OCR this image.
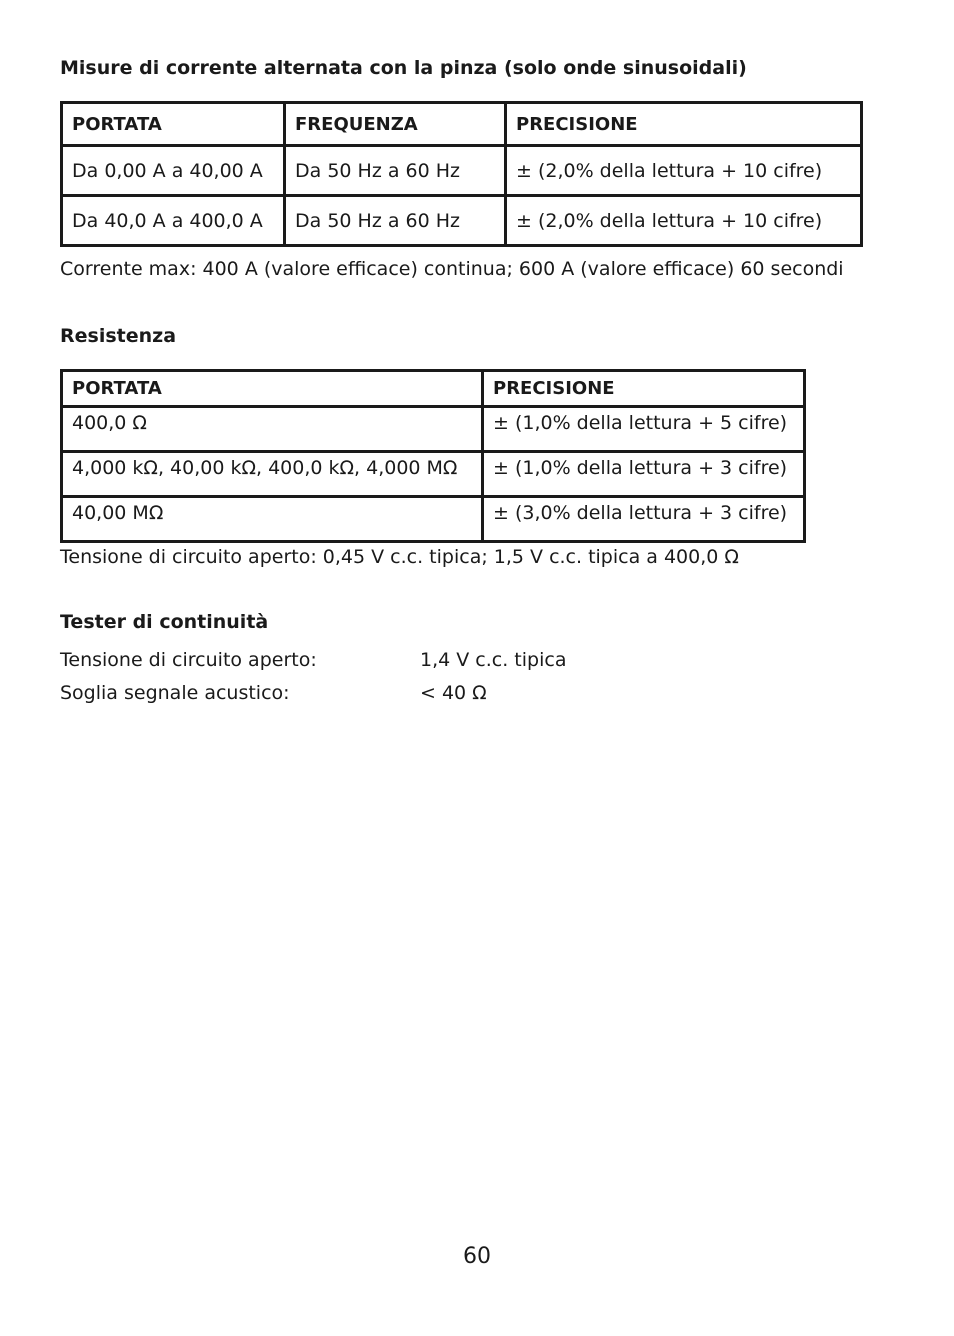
Misure di corrente alternata con la pinza (solo onde sinusoidali)
PORTATA	FREQUENZA	PRECISIONE
Da 0,00 A a 40,00 A	Da 50 Hz a 60 Hz	± (2,0% della lettura + 10 cifre)
Da 40,0 A a 400,0 A	Da 50 Hz a 60 Hz	± (2,0% della lettura + 10 cifre)

Corrente max: 400 A (valore efficace) continua; 600 A (valore efficace) 60 secondi

Resistenza
PORTATA	PRECISIONE
400,0 Ω	± (1,0% della lettura + 5 cifre)
4,000 kΩ, 40,00 kΩ, 400,0 kΩ, 4,000 MΩ	± (1,0% della lettura + 3 cifre)
40,00 MΩ	± (3,0% della lettura + 3 cifre)

Tensione di circuito aperto: 0,45 V c.c. tipica; 1,5 V c.c. tipica a 400,0 Ω

Tester di continuità
Tensione di circuito aperto:	1,4 V c.c. tipica
Soglia segnale acustico:	< 40 Ω
60
